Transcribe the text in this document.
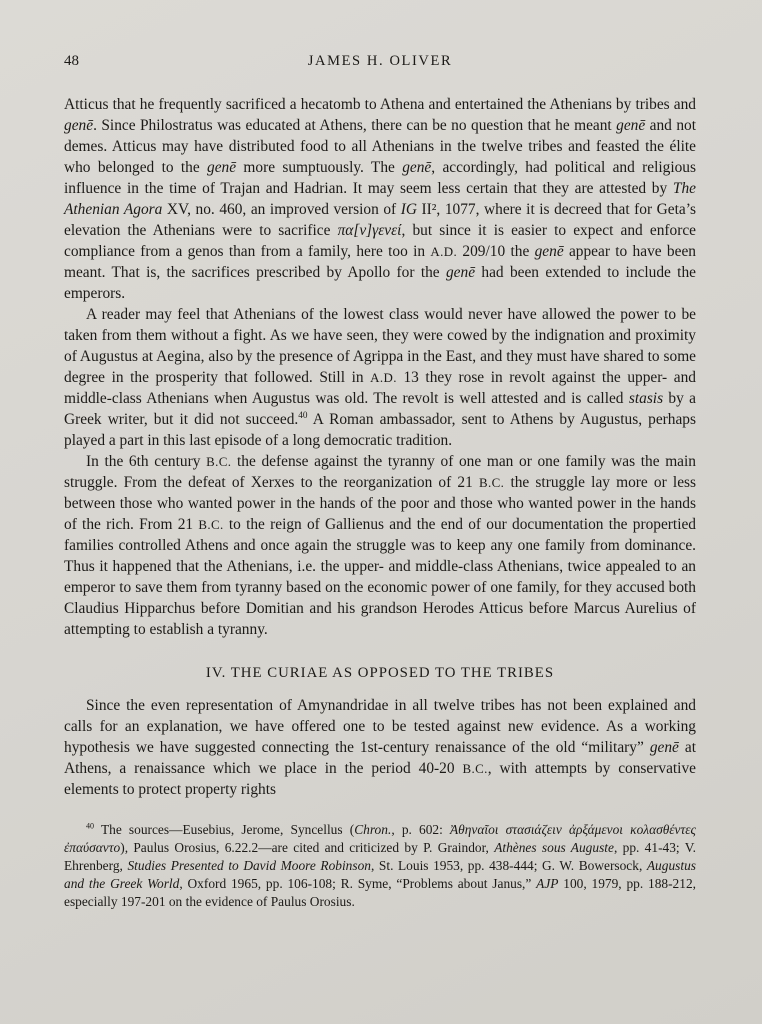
48	JAMES H. OLIVER

Atticus that he frequently sacrificed a hecatomb to Athena and entertained the Athenians by tribes and genē. Since Philostratus was educated at Athens, there can be no question that he meant genē and not demes. Atticus may have distributed food to all Athenians in the twelve tribes and feasted the élite who belonged to the genē more sumptuously. The genē, accordingly, had political and religious influence in the time of Trajan and Hadrian. It may seem less certain that they are attested by The Athenian Agora XV, no. 460, an improved version of IG II², 1077, where it is decreed that for Geta’s elevation the Athenians were to sacrifice πα[ν]γενεί, but since it is easier to expect and enforce compliance from a genos than from a family, here too in A.D. 209/10 the genē appear to have been meant. That is, the sacrifices prescribed by Apollo for the genē had been extended to include the emperors.

A reader may feel that Athenians of the lowest class would never have allowed the power to be taken from them without a fight. As we have seen, they were cowed by the indignation and proximity of Augustus at Aegina, also by the presence of Agrippa in the East, and they must have shared to some degree in the prosperity that followed. Still in A.D. 13 they rose in revolt against the upper- and middle-class Athenians when Augustus was old. The revolt is well attested and is called stasis by a Greek writer, but it did not succeed.$^{40}$ A Roman ambassador, sent to Athens by Augustus, perhaps played a part in this last episode of a long democratic tradition.

In the 6th century B.C. the defense against the tyranny of one man or one family was the main struggle. From the defeat of Xerxes to the reorganization of 21 B.C. the struggle lay more or less between those who wanted power in the hands of the poor and those who wanted power in the hands of the rich. From 21 B.C. to the reign of Gallienus and the end of our documentation the propertied families controlled Athens and once again the struggle was to keep any one family from dominance. Thus it happened that the Athenians, i.e. the upper- and middle-class Athenians, twice appealed to an emperor to save them from tyranny based on the economic power of one family, for they accused both Claudius Hipparchus before Domitian and his grandson Herodes Atticus before Marcus Aurelius of attempting to establish a tyranny.

IV. THE CURIAE AS OPPOSED TO THE TRIBES

Since the even representation of Amynandridae in all twelve tribes has not been explained and calls for an explanation, we have offered one to be tested against new evidence. As a working hypothesis we have suggested connecting the 1st-century renaissance of the old “military” genē at Athens, a renaissance which we place in the period 40-20 B.C., with attempts by conservative elements to protect property rights

$^{40}$ The sources—Eusebius, Jerome, Syncellus (Chron., p. 602: Ἀθηναῖοι στασιάζειν ἀρξάμενοι κολασθέντες ἐπαύσαντο), Paulus Orosius, 6.22.2—are cited and criticized by P. Graindor, Athènes sous Auguste, pp. 41-43; V. Ehrenberg, Studies Presented to David Moore Robinson, St. Louis 1953, pp. 438-444; G. W. Bowersock, Augustus and the Greek World, Oxford 1965, pp. 106-108; R. Syme, “Problems about Janus,” AJP 100, 1979, pp. 188-212, especially 197-201 on the evidence of Paulus Orosius.
